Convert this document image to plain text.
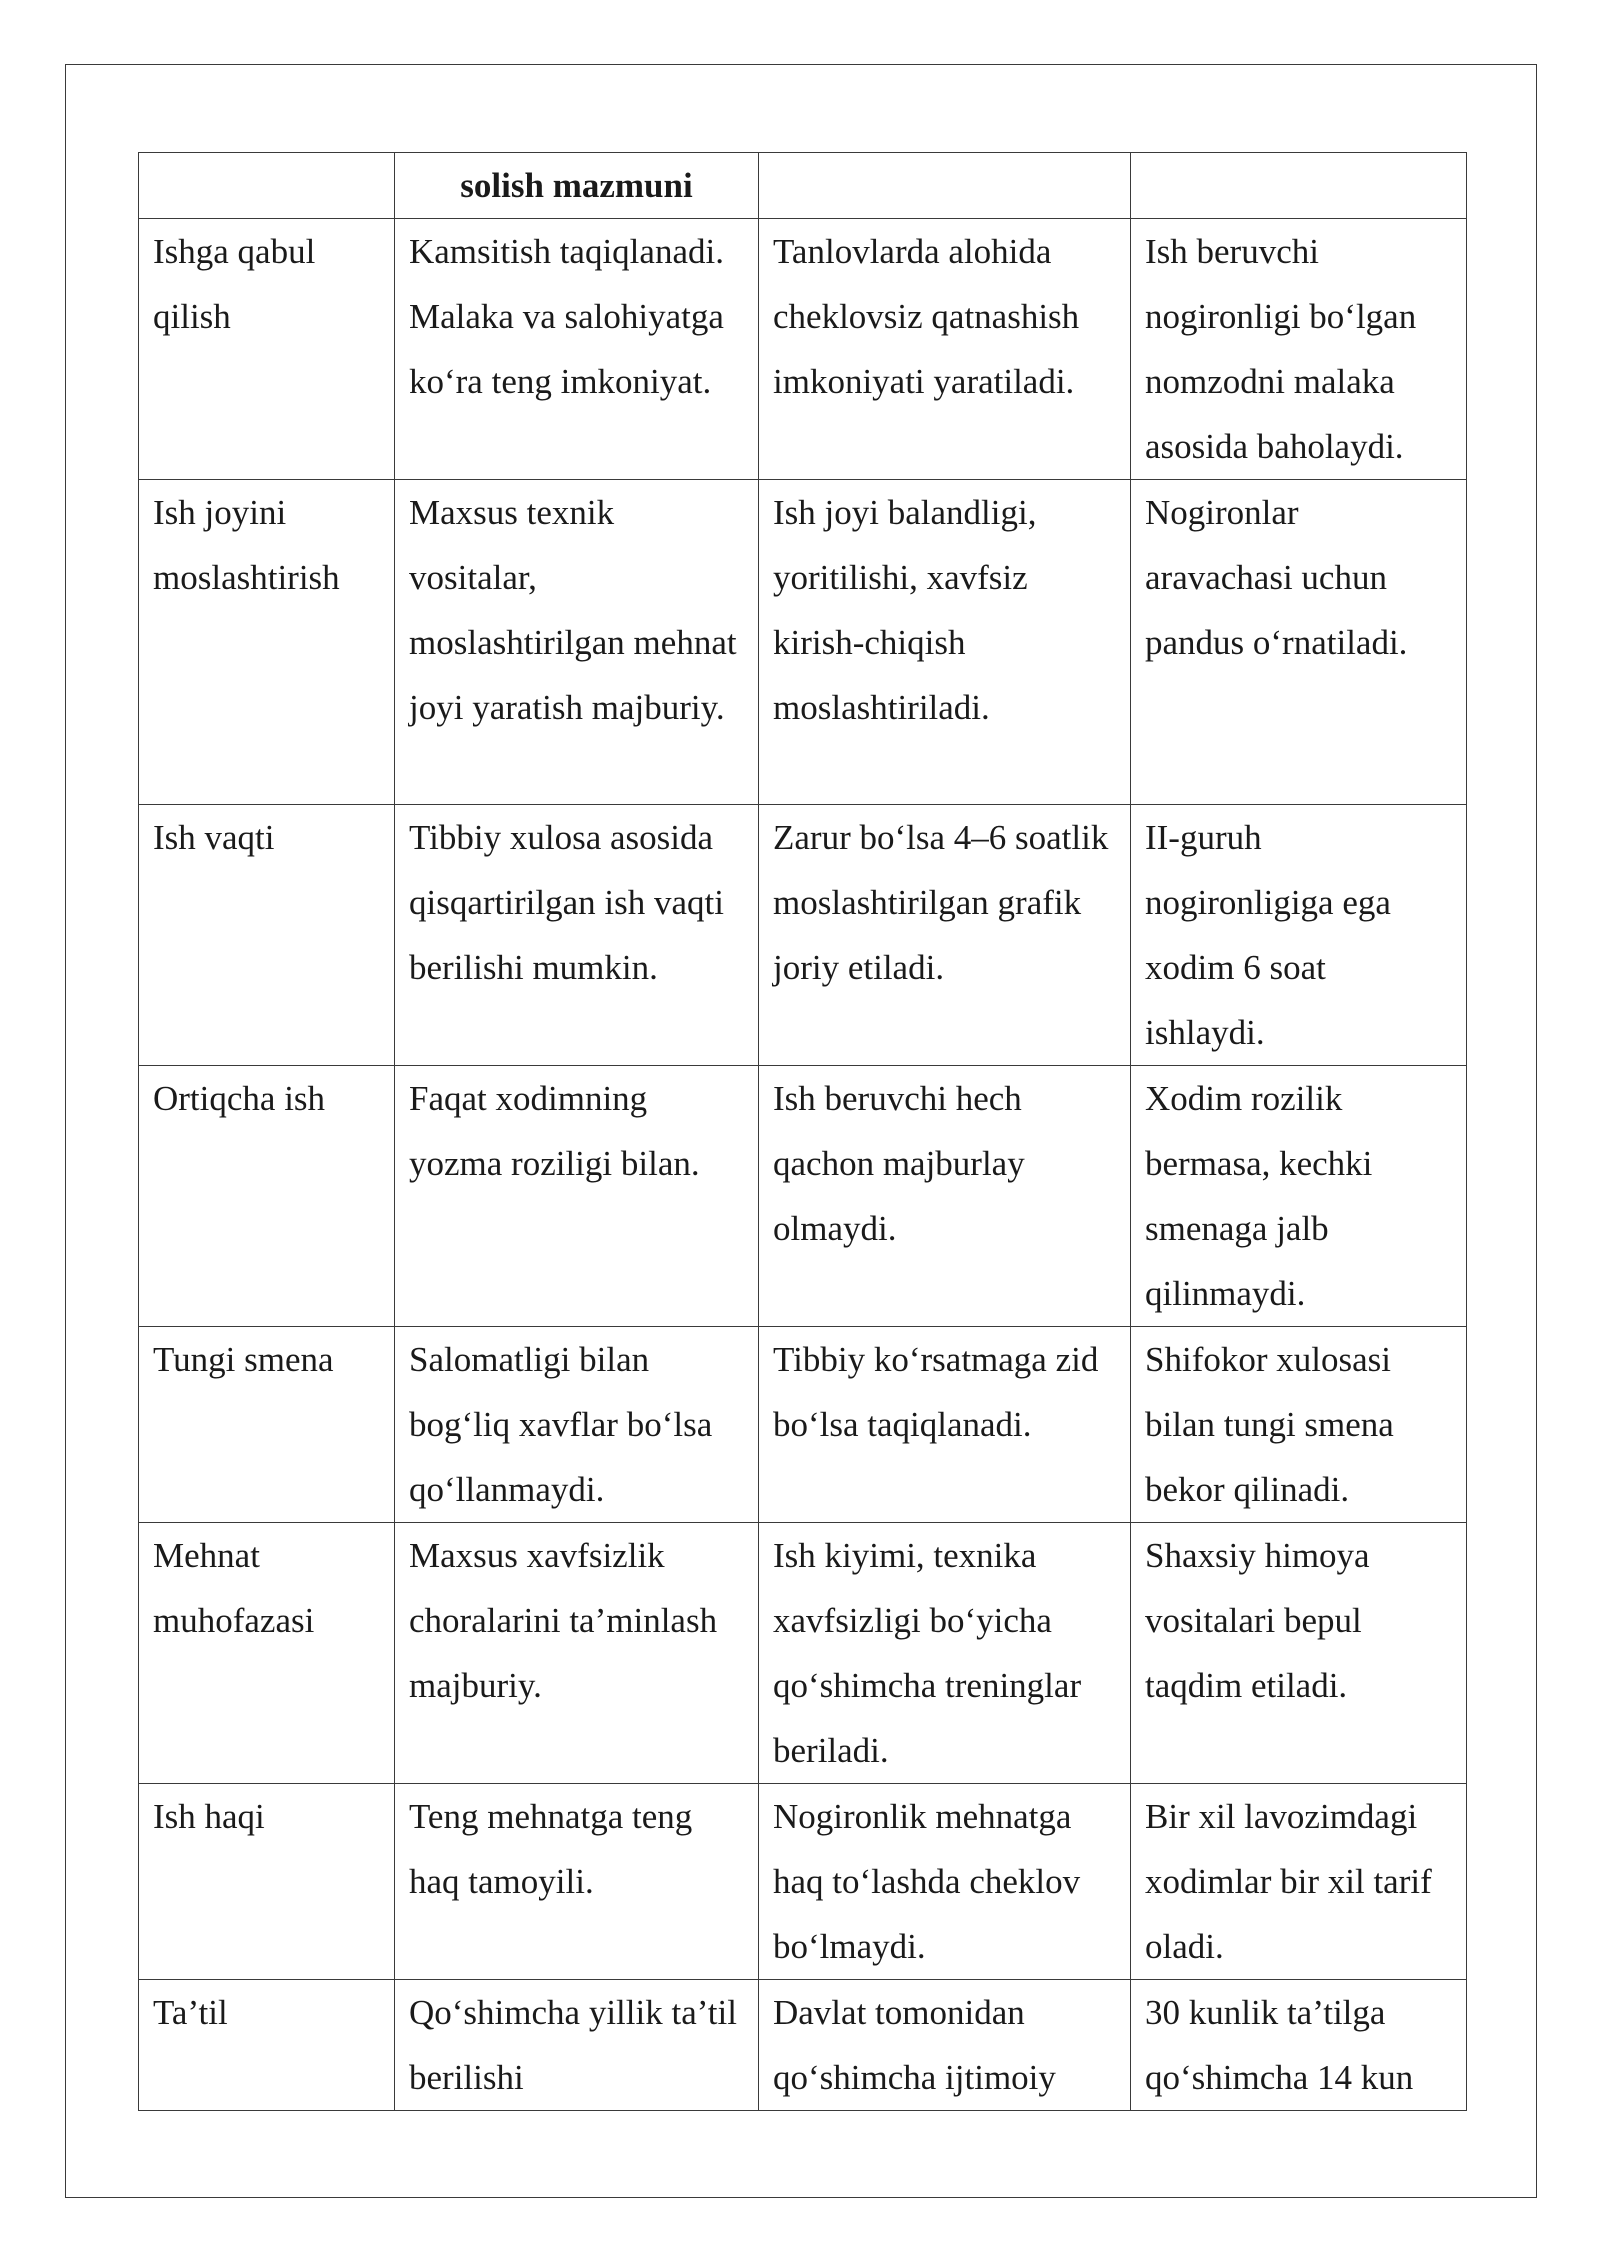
	solish mazmuni		

Ishga qabul qilish	Kamsitish taqiqlanadi. Malaka va salohiyatga ko‘ra teng imkoniyat.	Tanlovlarda alohida cheklovsiz qatnashish imkoniyati yaratiladi.	Ish beruvchi nogironligi bo‘lgan nomzodni malaka asosida baholaydi.

Ish joyini moslashtirish	Maxsus texnik vositalar, moslashtirilgan mehnat joyi yaratish majburiy.	Ish joyi balandligi, yoritilishi, xavfsiz kirish-chiqish moslashtiriladi.	Nogironlar aravachasi uchun pandus o‘rnatiladi.

Ish vaqti	Tibbiy xulosa asosida qisqartirilgan ish vaqti berilishi mumkin.	Zarur bo‘lsa 4–6 soatlik moslashtirilgan grafik joriy etiladi.	II-guruh nogironligiga ega xodim 6 soat ishlaydi.

Ortiqcha ish	Faqat xodimning yozma roziligi bilan.	Ish beruvchi hech qachon majburlay olmaydi.	Xodim rozilik bermasa, kechki smenaga jalb qilinmaydi.

Tungi smena	Salomatligi bilan bog‘liq xavflar bo‘lsa qo‘llanmaydi.	Tibbiy ko‘rsatmaga zid bo‘lsa taqiqlanadi.	Shifokor xulosasi bilan tungi smena bekor qilinadi.

Mehnat muhofazasi	Maxsus xavfsizlik choralarini ta’minlash majburiy.	Ish kiyimi, texnika xavfsizligi bo‘yicha qo‘shimcha treninglar beriladi.	Shaxsiy himoya vositalari bepul taqdim etiladi.

Ish haqi	Teng mehnatga teng haq tamoyili.	Nogironlik mehnatga haq to‘lashda cheklov bo‘lmaydi.	Bir xil lavozimdagi xodimlar bir xil tarif oladi.

Ta’til	Qo‘shimcha yillik ta’til berilishi	Davlat tomonidan qo‘shimcha ijtimoiy	30 kunlik ta’tilga qo‘shimcha 14 kun
